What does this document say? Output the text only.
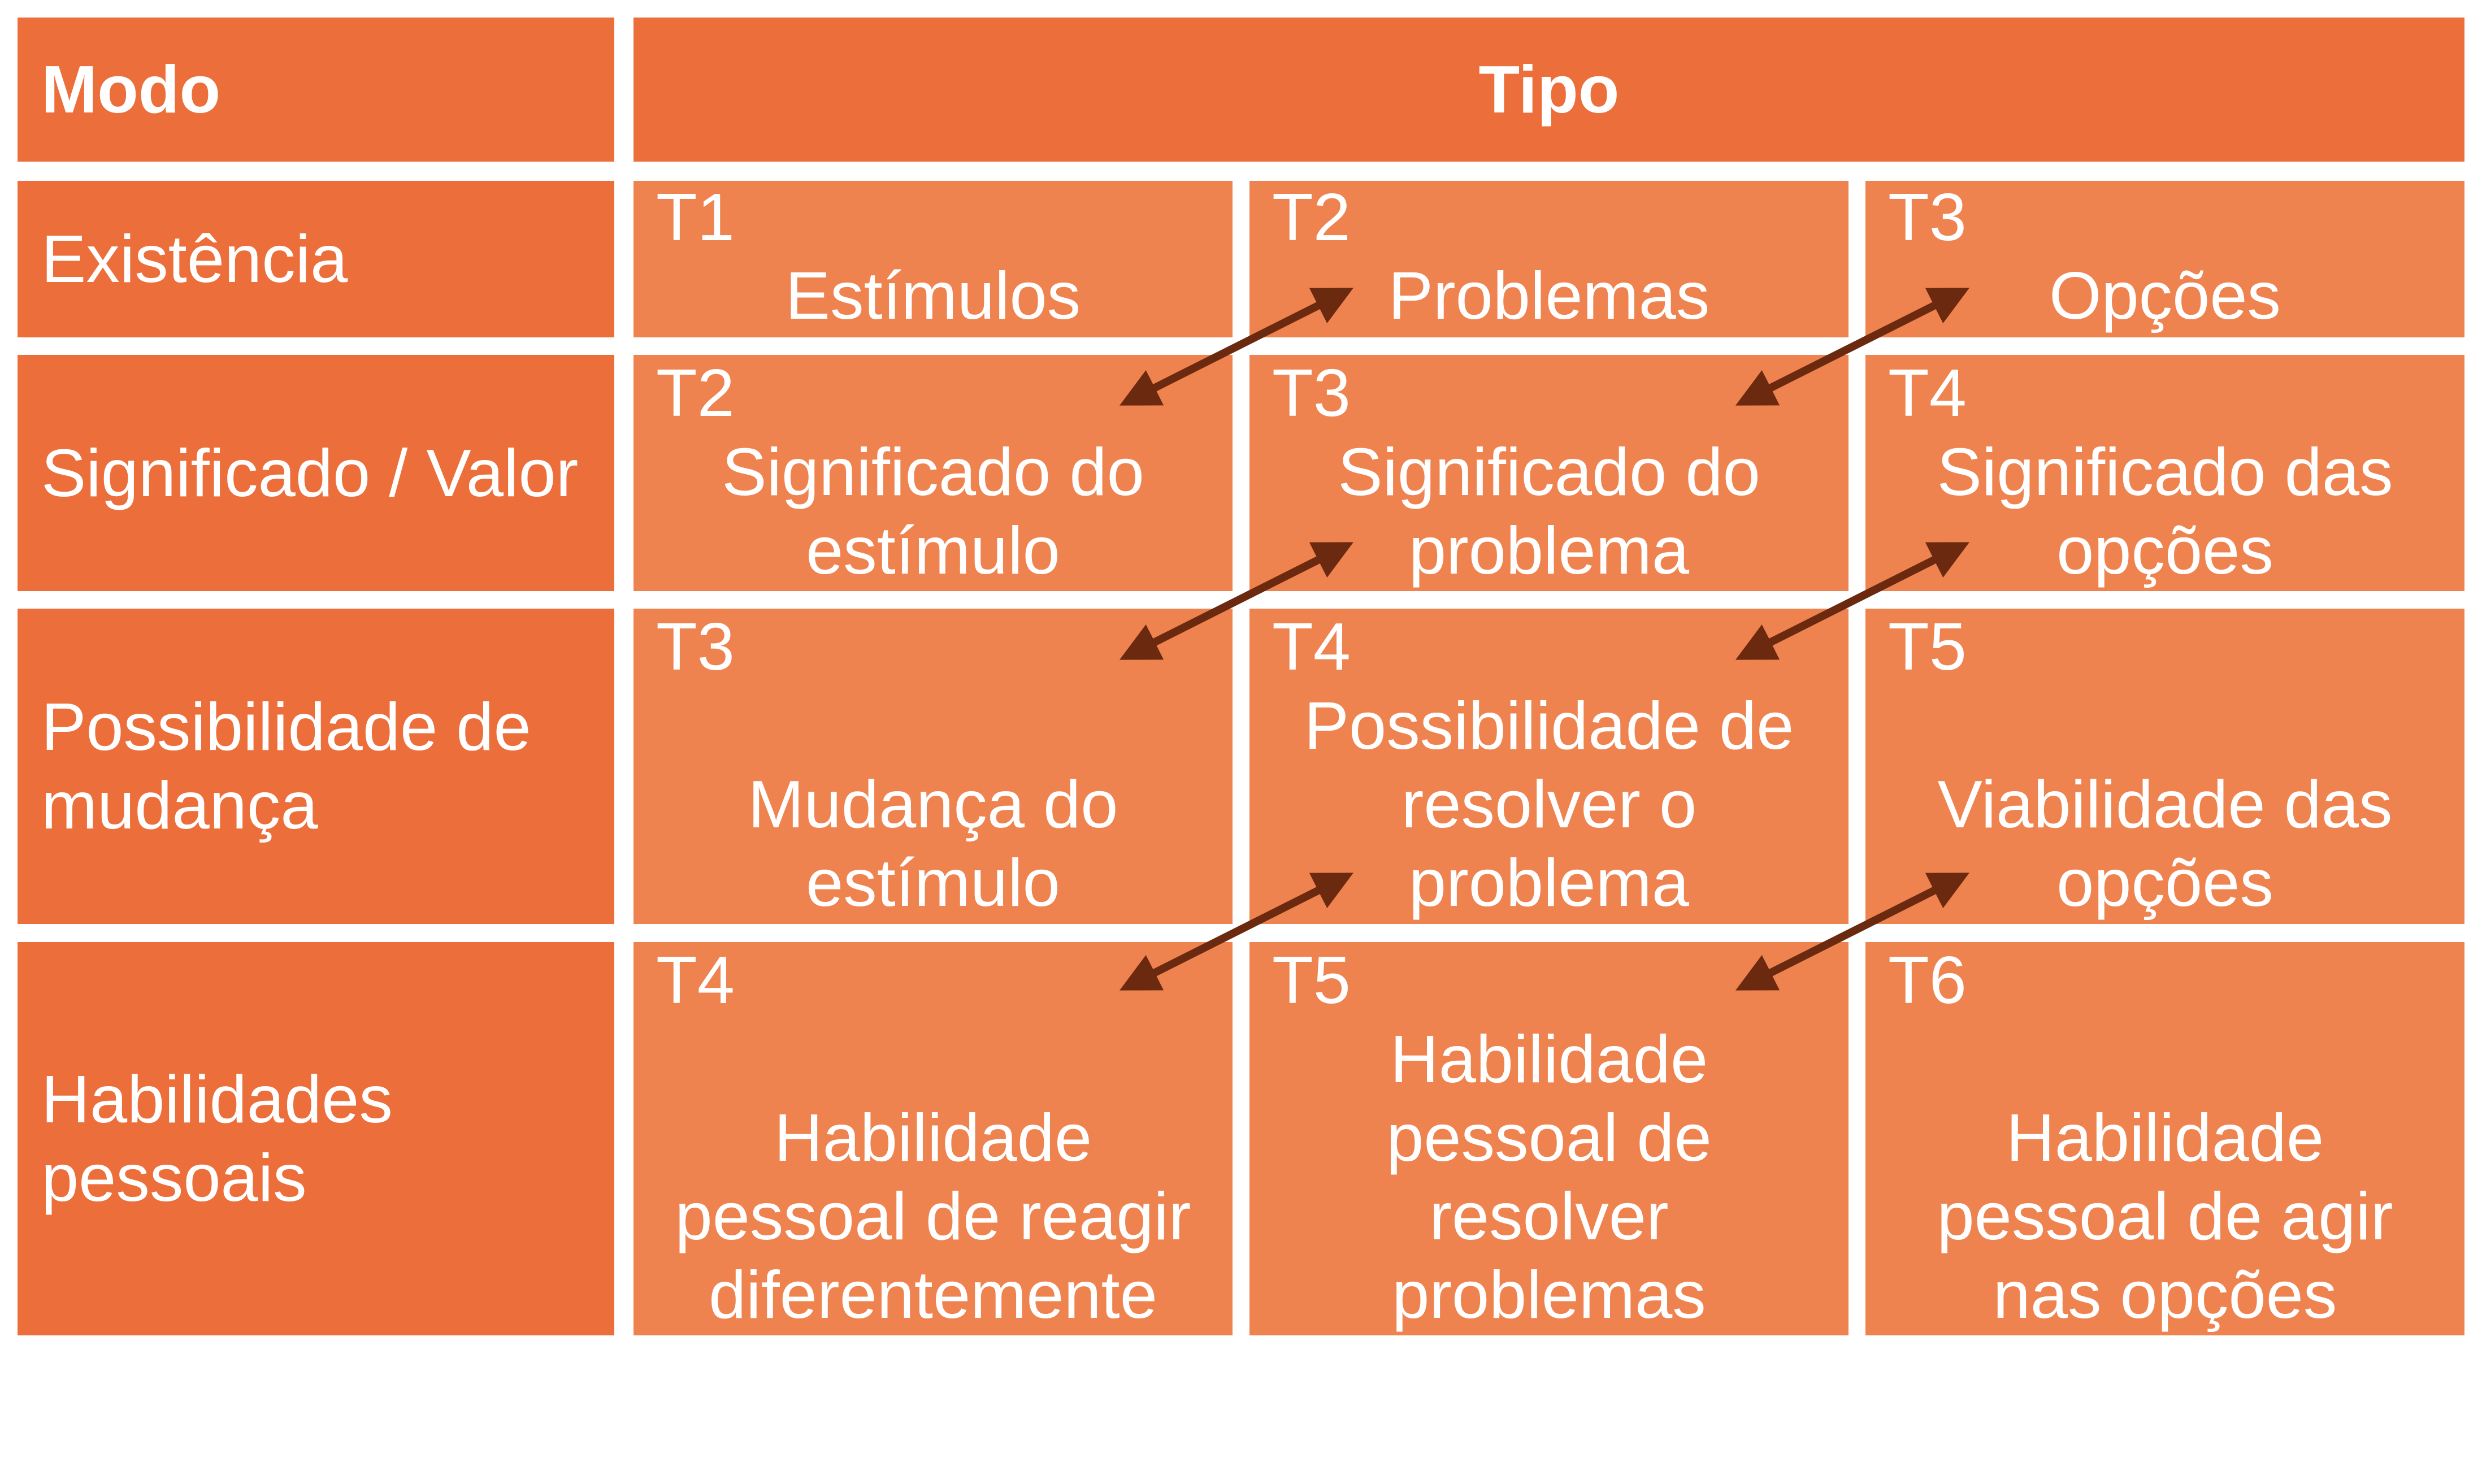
Modo	Tipo
Existência
T1
Estímulos
T2
Problemas
T3
Opções
Significado / Valor
T2
Significado do
estímulo
T3
Significado do
problema
T4
Significado das
opções
Possibilidade de
mudança
T3
Mudança do
estímulo
T4
Possibilidade de
resolver o
problema
T5
Viabilidade das
opções
Habilidades
pessoais
T4
Habilidade
pessoal de reagir
diferentemente
T5
Habilidade
pessoal de
resolver
problemas
T6
Habilidade
pessoal de agir
nas opções
